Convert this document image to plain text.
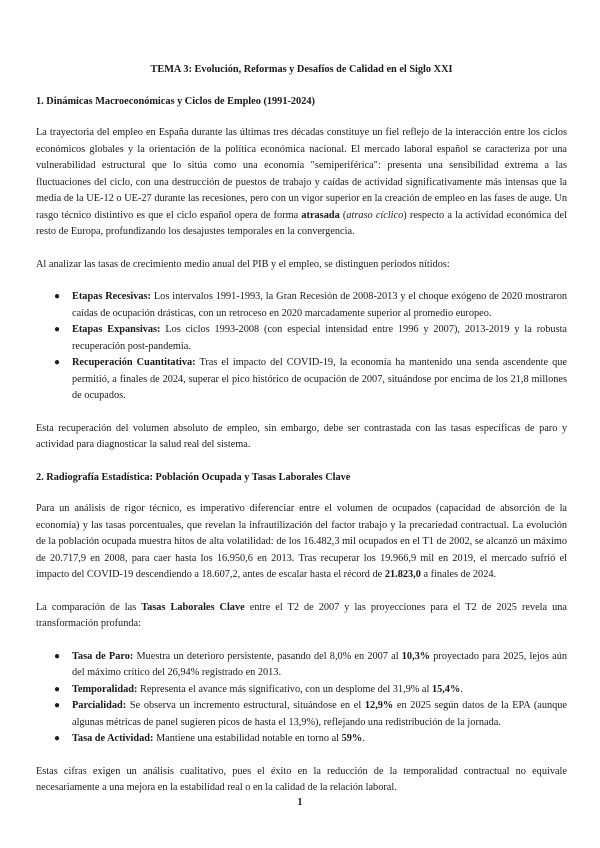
TEMA 3: Evolución, Reformas y Desafíos de Calidad en el Siglo XXI
1. Dinámicas Macroeconómicas y Ciclos de Empleo (1991-2024)

La trayectoria del empleo en España durante las últimas tres décadas constituye un fiel reflejo de la interacción entre los ciclos económicos globales y la orientación de la política económica nacional. El mercado laboral español se caracteriza por una vulnerabilidad estructural que lo sitúa como una economía "semiperiférica": presenta una sensibilidad extrema a las fluctuaciones del ciclo, con una destrucción de puestos de trabajo y caídas de actividad significativamente más intensas que la media de la UE-12 o UE-27 durante las recesiones, pero con un vigor superior en la creación de empleo en las fases de auge. Un rasgo técnico distintivo es que el ciclo español opera de forma atrasada (atraso cíclico) respecto a la actividad económica del resto de Europa, profundizando los desajustes temporales en la convergencia.

Al analizar las tasas de crecimiento medio anual del PIB y el empleo, se distinguen periodos nítidos:

● Etapas Recesivas: Los intervalos 1991-1993, la Gran Recesión de 2008-2013 y el choque exógeno de 2020 mostraron caídas de ocupación drásticas, con un retroceso en 2020 marcadamente superior al promedio europeo.
● Etapas Expansivas: Los ciclos 1993-2008 (con especial intensidad entre 1996 y 2007), 2013-2019 y la robusta recuperación post-pandemia.
● Recuperación Cuantitativa: Tras el impacto del COVID-19, la economía ha mantenido una senda ascendente que permitió, a finales de 2024, superar el pico histórico de ocupación de 2007, situándose por encima de los 21,8 millones de ocupados.

Esta recuperación del volumen absoluto de empleo, sin embargo, debe ser contrastada con las tasas específicas de paro y actividad para diagnosticar la salud real del sistema.

2. Radiografía Estadística: Población Ocupada y Tasas Laborales Clave

Para un análisis de rigor técnico, es imperativo diferenciar entre el volumen de ocupados (capacidad de absorción de la economía) y las tasas porcentuales, que revelan la infrautilización del factor trabajo y la precariedad contractual. La evolución de la población ocupada muestra hitos de alta volatilidad: de los 16.482,3 mil ocupados en el T1 de 2002, se alcanzó un máximo de 20.717,9 en 2008, para caer hasta los 16.950,6 en 2013. Tras recuperar los 19.966,9 mil en 2019, el mercado sufrió el impacto del COVID-19 descendiendo a 18.607,2, antes de escalar hasta el récord de 21.823,0 a finales de 2024.

La comparación de las Tasas Laborales Clave entre el T2 de 2007 y las proyecciones para el T2 de 2025 revela una transformación profunda:

● Tasa de Paro: Muestra un deterioro persistente, pasando del 8,0% en 2007 al 10,3% proyectado para 2025, lejos aún del máximo crítico del 26,94% registrado en 2013.
● Temporalidad: Representa el avance más significativo, con un desplome del 31,9% al 15,4%.
● Parcialidad: Se observa un incremento estructural, situándose en el 12,9% en 2025 según datos de la EPA (aunque algunas métricas de panel sugieren picos de hasta el 13,9%), reflejando una redistribución de la jornada.
● Tasa de Actividad: Mantiene una estabilidad notable en torno al 59%.

Estas cifras exigen un análisis cualitativo, pues el éxito en la reducción de la temporalidad contractual no equivale necesariamente a una mejora en la estabilidad real o en la calidad de la relación laboral.

1
